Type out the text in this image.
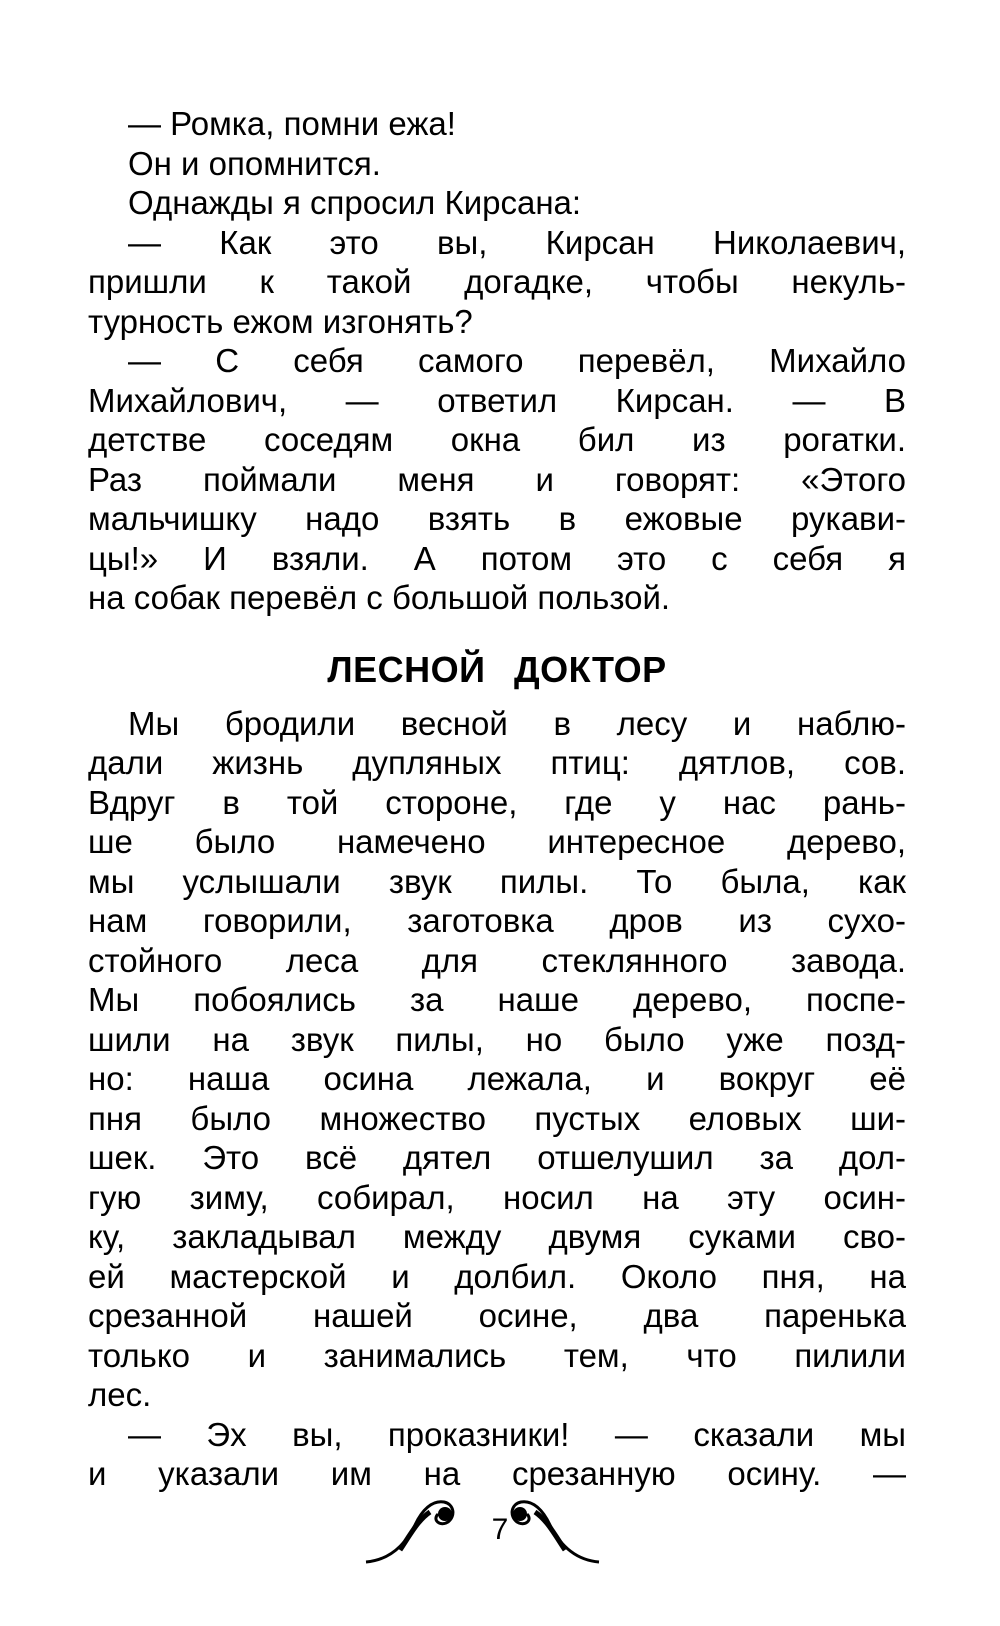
— Ромка, помни ежа!
Он и опомнится.
Однажды я спросил Кирсана:
— Как это вы, Кирсан Николаевич,
пришли к такой догадке, чтобы некуль-
турность ежом изгонять?
— С себя самого перевёл, Михайло
Михайлович, — ответил Кирсан. — В
детстве соседям окна бил из рогатки.
Раз поймали меня и говорят: «Этого
мальчишку надо взять в ежовые рукави-
цы!» И взяли. А потом это с себя я
на собак перевёл с большой пользой.
ЛЕСНОЙ ДОКТОР
Мы бродили весной в лесу и наблю-
дали жизнь дупляных птиц: дятлов, сов.
Вдруг в той стороне, где у нас рань-
ше было намечено интересное дерево,
мы услышали звук пилы. То была, как
нам говорили, заготовка дров из сухо-
стойного леса для стеклянного завода.
Мы побоялись за наше дерево, поспе-
шили на звук пилы, но было уже позд-
но: наша осина лежала, и вокруг её
пня было множество пустых еловых ши-
шек. Это всё дятел отшелушил за дол-
гую зиму, собирал, носил на эту осин-
ку, закладывал между двумя суками сво-
ей мастерской и долбил. Около пня, на
срезанной нашей осине, два паренька
только и занимались тем, что пилили
лес.
— Эх вы, проказники! — сказали мы
и указали им на срезанную осину. —
7
